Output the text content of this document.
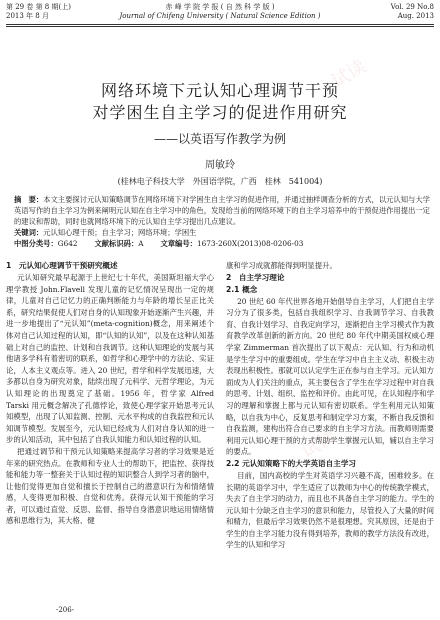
第 29 卷 第 8 期(上)
2013 年 8 月
赤 峰 学 院 学 报 ( 自 然 科 学 版 )
Journal of Chifeng University ( Natural Science Edition )
Vol. 29 No.8
Aug. 2013
网络环境下元认知心理调节干预
对学困生自主学习的促进作用研究
——以英语写作教学为例
周敏玲
(桂林电子科技大学　外国语学院，广西　桂林　541004)

摘　要：本文主要探讨元认知策略调节在网络环境下对学困生自主学习的促进作用，并通过抽样调查分析的方式，以元认知与大学英语写作的自主学习为例来阐明元认知在自主学习中的角色，发现给当前的网络环境下的自主学习培养中的干预促进作用提出一定的建议和帮助，同时也就网络环境下的元认知自主学习提出几点建议。

关键词：元认知心理干预；自主学习；网络环境；学困生

中图分类号：G642　　 文献标识码：A　　 文章编号：1673-260X(2013)08-0206-03

1　元认知心理调节干预研究概述

元认知研究最早起源于上世纪七十年代，美国斯坦福大学心理学教授 John.Flavell 发现儿童的记忆情况呈现出一定的规律，儿童对自己记忆力的正确判断能力与年龄的增长呈正比关系，研究结果促使人们对自身的认知现象开始逐渐产生兴趣，并进一步地提出了“元认知”(meta-cognition)概念，用来阐述个体对自己认知过程的认知，即“认知的认知”，以及在这种认知基础上对自己的监控、计划和自我调节。这种认知理论的发展与其他诸多学科有着密切的联系，如哲学和心理学中的方法论、实证论，人本主义观点等。进入 20 世纪，哲学和科学发展迅速，大多都以自身为研究对象，陆续出现了元科学、元哲学理论，为元认知理论的出现奠定了基础。1956 年，哲学家 Alfred　Tarski 用元概念解决了孔德悖论，致使心理学家开始思考元认知模型，出现了认知监测、控制、元水平构成的自我监控和元认知调节模型。发展至今，元认知已经成为人们对自身认知的进一步的认知活动，其中包括了自我认知能力和认知过程的认知。

把通过调节和干预元认知策略来提高学习者的学习效果是近年来的研究热点。在教师和专业人士的帮助下，把监控、获得技能和能力等一整套关于认知过程的知识整合人到学习者的脑中，让他们觉得更加自觉和擅长于控制自己的潜意识行为和情绪情感，人变得更加积极、自觉和优秀。获得元认知干预能的学习者，可以通过直觉、反思、监督、指导自身潜意识地运用情绪情感和思维行为，其大格、健

康和学习成就都能得到明显提升。

2　自主学习理论
2.1 概念

20 世纪 60 年代世界各地开始倡导自主学习，人们把自主学习分为了很多类，包括自我组织学习、自我调节学习、自我教育、自我计划学习、自我定向学习，逐渐把自主学习模式作为教育教学改革创新的新方向。20 世纪 80 年代中期美国权威心理学家 Zimmerman 首次提出了以下观点：元认知、行为和动机是学生学习中的重要组成。学生在学习中自主主义动、积极主动表现出积极性。那就可以认定学生正在参与自主学习。元认知方面成为人们关注的重点，其主要包含了学生在学习过程中对自我的思考、计划、组织、监控和评价。由此可见，在认知程序和学习的理解和掌握上都与元认知有密切联系。学生利用元认知策略，以自我为中心，反复思考和制定学习方案，不断自我反馈和自我监测，建构出符合自己要求的自主学习方法。而教师则需要利用元认知心理干预的方式帮助学生掌握元认知，辅以自主学习的要点。

2.2 元认知策略下的大学英语自主学习

目前，国内高校的学生对英语学习兴趣不高，困难较多。在长期的英语学习中，学生适应了以教师为中心的传统教学模式，失去了自主学习的动力，而且也不具备自主学习的能力。学生的元认知十分缺乏自主学习的意识和能力，尽管投入了大量的时间和精力，但最后学习效果仍然不是很理想。究其原因，还是由于学生的自主学习能力没有得到培养，教师的教学方法没有改进，学生的认知和学习

-206-
试读
试读
试读
